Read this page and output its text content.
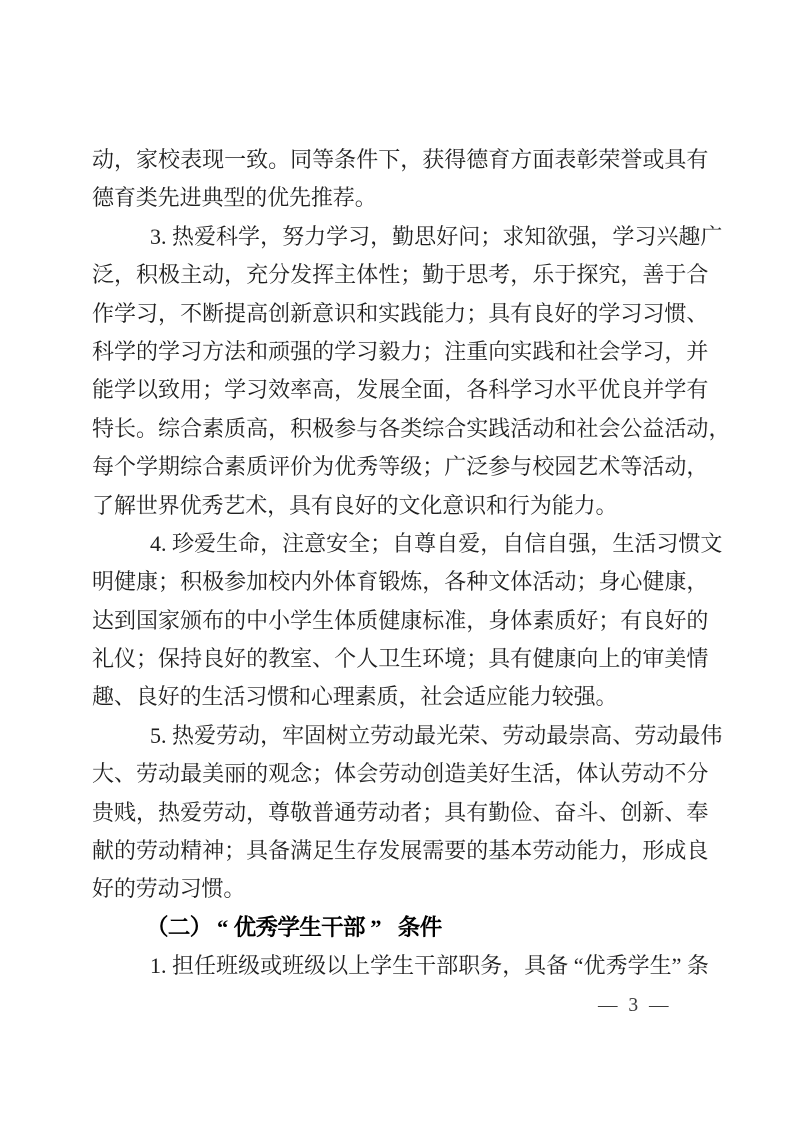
动 ， 家 校 表 现 一 致 。 同 等 条 件 下 ， 获 得 德 育 方 面 表 彰 荣 誉 或 具 有
德 育 类 先 进 典 型 的 优 先 推 荐 。
3 .
热 爱 科 学 ， 努 力 学 习 ， 勤 思 好 问 ； 求 知 欲 强 ， 学 习 兴 趣 广
泛 ， 积 极 主 动 ， 充 分 发 挥 主 体 性 ； 勤 于 思 考 ， 乐 于 探 究 ， 善 于 合
作 学 习 ， 不 断 提 高 创 新 意 识 和 实 践 能 力 ； 具 有 良 好 的 学 习 习 惯 、
科 学 的 学 习 方 法 和 顽 强 的 学 习 毅 力 ； 注 重 向 实 践 和 社 会 学 习 ， 并
能 学 以 致 用 ； 学 习 效 率 高 ， 发 展 全 面 ， 各 科 学 习 水 平 优 良 并 学 有
特 长 。 综 合 素 质 高 ， 积 极 参 与 各 类 综 合 实 践 活 动 和 社 会 公 益 活 动 ，
每 个 学 期 综 合 素 质 评 价 为 优 秀 等 级 ； 广 泛 参 与 校 园 艺 术 等 活 动 ，
了 解 世 界 优 秀 艺 术 ， 具 有 良 好 的 文 化 意 识 和 行 为 能 力 。
4 .
珍 爱 生 命 ， 注 意 安 全 ； 自 尊 自 爱 ， 自 信 自 强 ， 生 活 习 惯 文
明 健 康 ； 积 极 参 加 校 内 外 体 育 锻 炼 ， 各 种 文 体 活 动 ； 身 心 健 康 ，
达 到 国 家 颁 布 的 中 小 学 生 体 质 健 康 标 准 ， 身 体 素 质 好 ； 有 良 好 的
礼 仪 ； 保 持 良 好 的 教 室 、 个 人 卫 生 环 境 ； 具 有 健 康 向 上 的 审 美 情
趣 、 良 好 的 生 活 习 惯 和 心 理 素 质 ， 社 会 适 应 能 力 较 强 。
5 .
热 爱 劳 动 ， 牢 固 树 立 劳 动 最 光 荣 、 劳 动 最 崇 高 、 劳 动 最 伟
大 、 劳 动 最 美 丽 的 观 念 ； 体 会 劳 动 创 造 美 好 生 活 ， 体 认 劳 动 不 分
贵 贱 ， 热 爱 劳 动 ， 尊 敬 普 通 劳 动 者 ； 具 有 勤 俭 、 奋 斗 、 创 新 、 奉
献 的 劳 动 精 神 ； 具 备 满 足 生 存 发 展 需 要 的 基 本 劳 动 能 力 ， 形 成 良
好 的 劳 动 习 惯 。
（ 二 ） “ 优 秀 学 生 干 部 ”
条 件
1 .
担 任 班 级 或 班 级 以 上 学 生 干 部 职 务 ， 具 备
“ 优 秀 学 生 ”
条
— 3 —
